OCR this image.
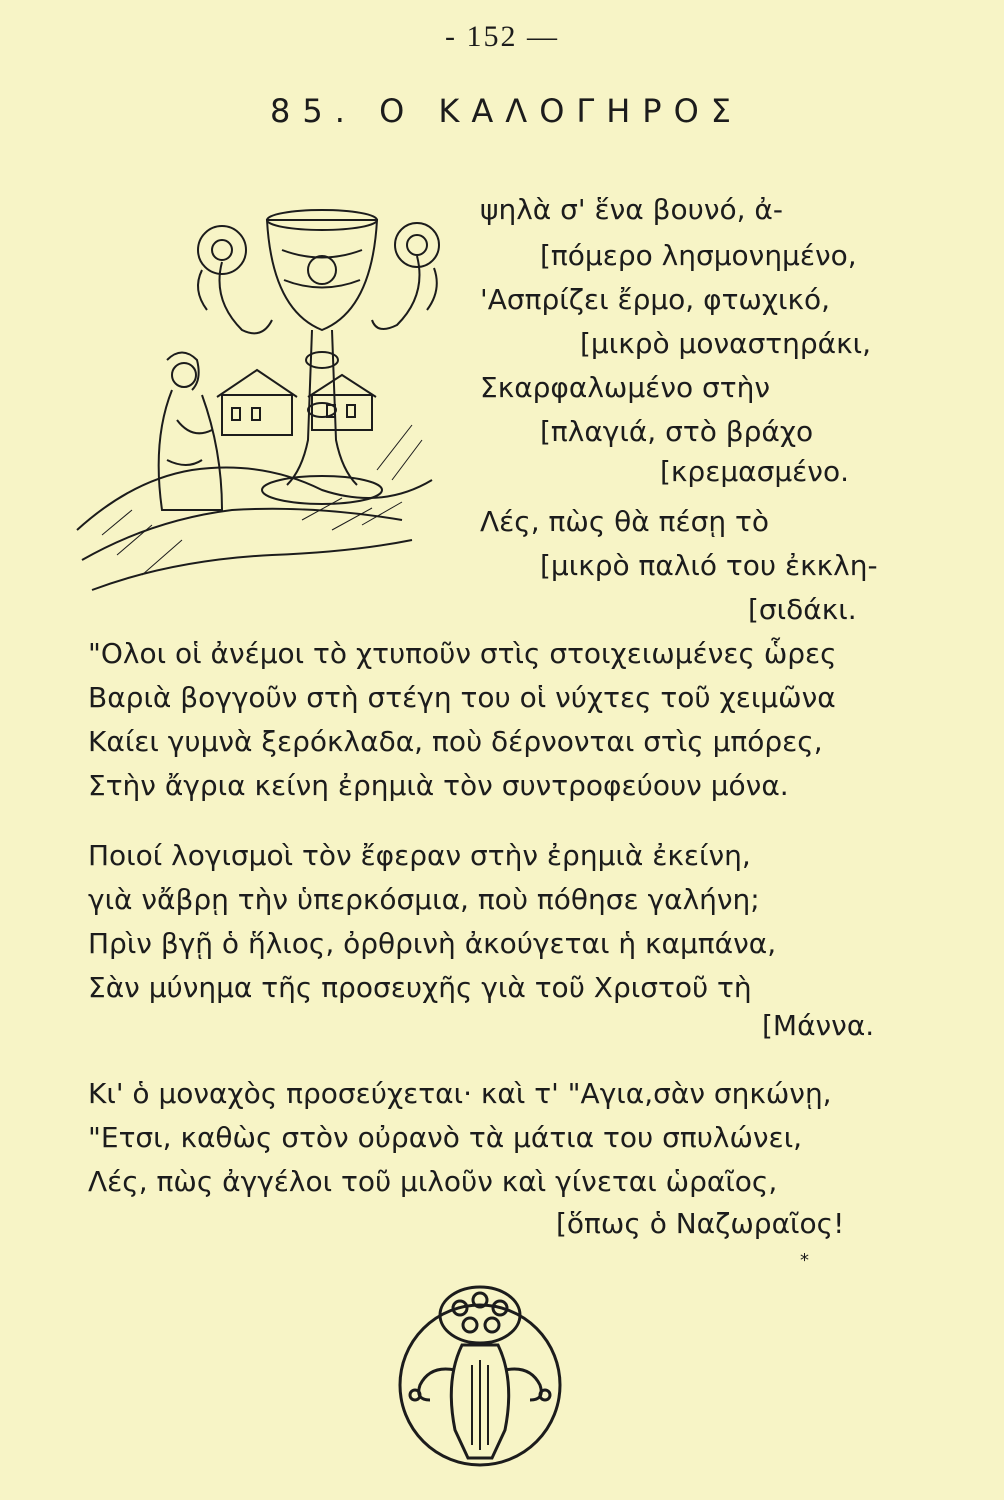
- 152 —
85. Ο ΚΑΛΟΓΗΡΟΣ
ψηλὰ σ' ἕνα βουνό, ἀ-
[πόμερο λησμονημένο,
'Ασπρίζει ἔρμο, φτωχικό,
[μικρὸ μοναστηράκι,
Σκαρφαλωμένο στὴν
[πλαγιά, στὸ βράχο
[κρεμασμένο.
Λές, πὼς θὰ πέσῃ τὸ
[μικρὸ παλιό του ἐκκλη-
[σιδάκι.
"Ολοι οἱ ἀνέμοι τὸ χτυποῦν στὶς στοιχειωμένες ὧρες
Βαριὰ βογγοῦν στὴ στέγη του οἱ νύχτες τοῦ χειμῶνα
Καίει γυμνὰ ξερόκλαδα, ποὺ δέρνονται στὶς μπόρες,
Στὴν ἄγρια κείνη ἐρημιὰ τὸν συντροφεύουν μόνα.
Ποιοί λογισμοὶ τὸν ἔφεραν στὴν ἐρημιὰ ἐκείνη,
γιὰ νἄβρῃ τὴν ὑπερκόσμια, ποὺ πόθησε γαλήνη;
Πρὶν βγῇ ὁ ἥλιος, ὀρθρινὴ ἀκούγεται ἡ καμπάνα,
Σὰν μύνημα τῆς προσευχῆς γιὰ τοῦ Χριστοῦ τὴ
[Μάννα.
Κι' ὁ μοναχὸς προσεύχεται· καὶ τ' "Αγια,σὰν σηκώνῃ,
"Ετσι, καθὼς στὸν οὐρανὸ τὰ μάτια του σπυλώνει,
Λές, πὼς ἀγγέλοι τοῦ μιλοῦν καὶ γίνεται ὡραῖος,
[ὅπως ὁ Ναζωραῖος!
*
